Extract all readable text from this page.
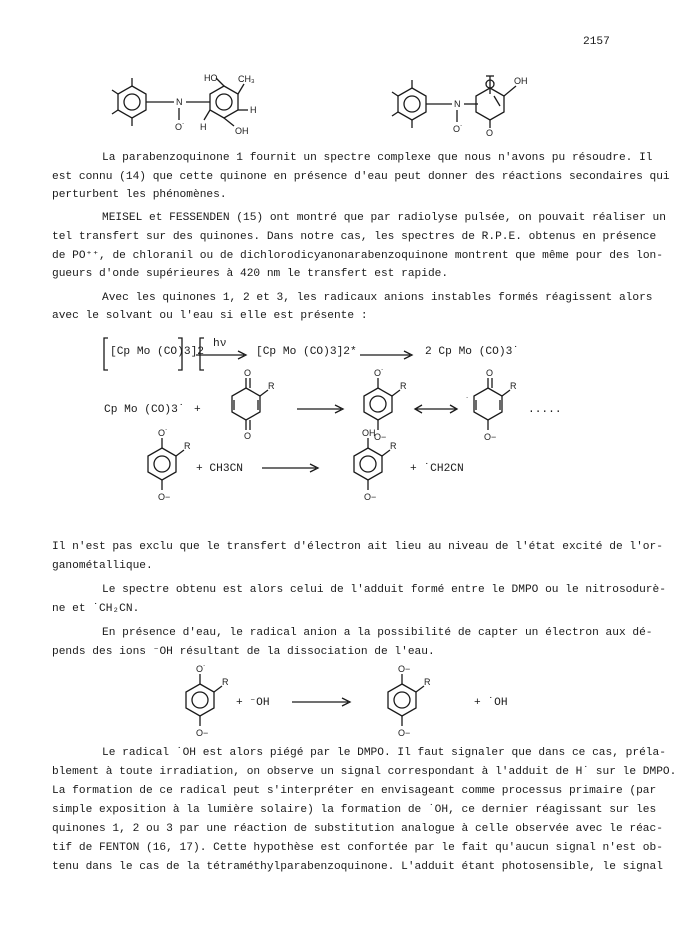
2157
N
O˙
HO CH₃
H
OH
H
N
O˙
OH
O
La parabenzoquinone 1 fournit un spectre complexe que nous n'avons pu résoudre. Il
est connu (14) que cette quinone en présence d'eau peut donner des réactions secondaires qui
perturbent les phénomènes.
MEISEL et FESSENDEN (15) ont montré que par radiolyse pulsée, on pouvait réaliser un
tel transfert sur des quinones. Dans notre cas, les spectres de R.P.E. obtenus en présence
de PO⁺⁺, de chloranil ou de dichlorodicyanonarabenzoquinone montrent que même pour des lon-
gueurs d'onde supérieures à 420 nm le transfert est rapide.
Avec les quinones 1, 2 et 3, les radicaux anions instables formés réagissent alors
avec le solvant ou l'eau si elle est présente :
[Cp Mo (CO)3]2
hν
[Cp Mo (CO)3]2*	2 Cp Mo (CO)3˙
Cp Mo (CO)3˙ +
O
O
R
O˙
R
O−
O
R
˙
O−
.....
O˙
R
O−
+ CH3CN
OH
R
O−
+ ˙CH2CN
Il n'est pas exclu que le transfert d'électron ait lieu au niveau de l'état excité de l'or-
ganométallique.
Le spectre obtenu est alors celui de l'adduit formé entre le DMPO ou le nitrosodurè-
ne et ˙CH₂CN.
En présence d'eau, le radical anion a la possibilité de capter un électron aux dé-
pends des ions ⁻OH résultant de la dissociation de l'eau.
O˙
R
O−
+ ⁻OH
O−
R
O−
+ ˙OH
Le radical ˙OH est alors piégé par le DMPO. Il faut signaler que dans ce cas, préla-
blement à toute irradiation, on observe un signal correspondant à l'adduit de H˙ sur le DMPO.
La formation de ce radical peut s'interpréter en envisageant comme processus primaire (par
simple exposition à la lumière solaire) la formation de ˙OH, ce dernier réagissant sur les
quinones 1, 2 ou 3 par une réaction de substitution analogue à celle observée avec le réac-
tif de FENTON (16, 17). Cette hypothèse est confortée par le fait qu'aucun signal n'est ob-
tenu dans le cas de la tétraméthylparabenzoquinone. L'adduit étant photosensible, le signal
